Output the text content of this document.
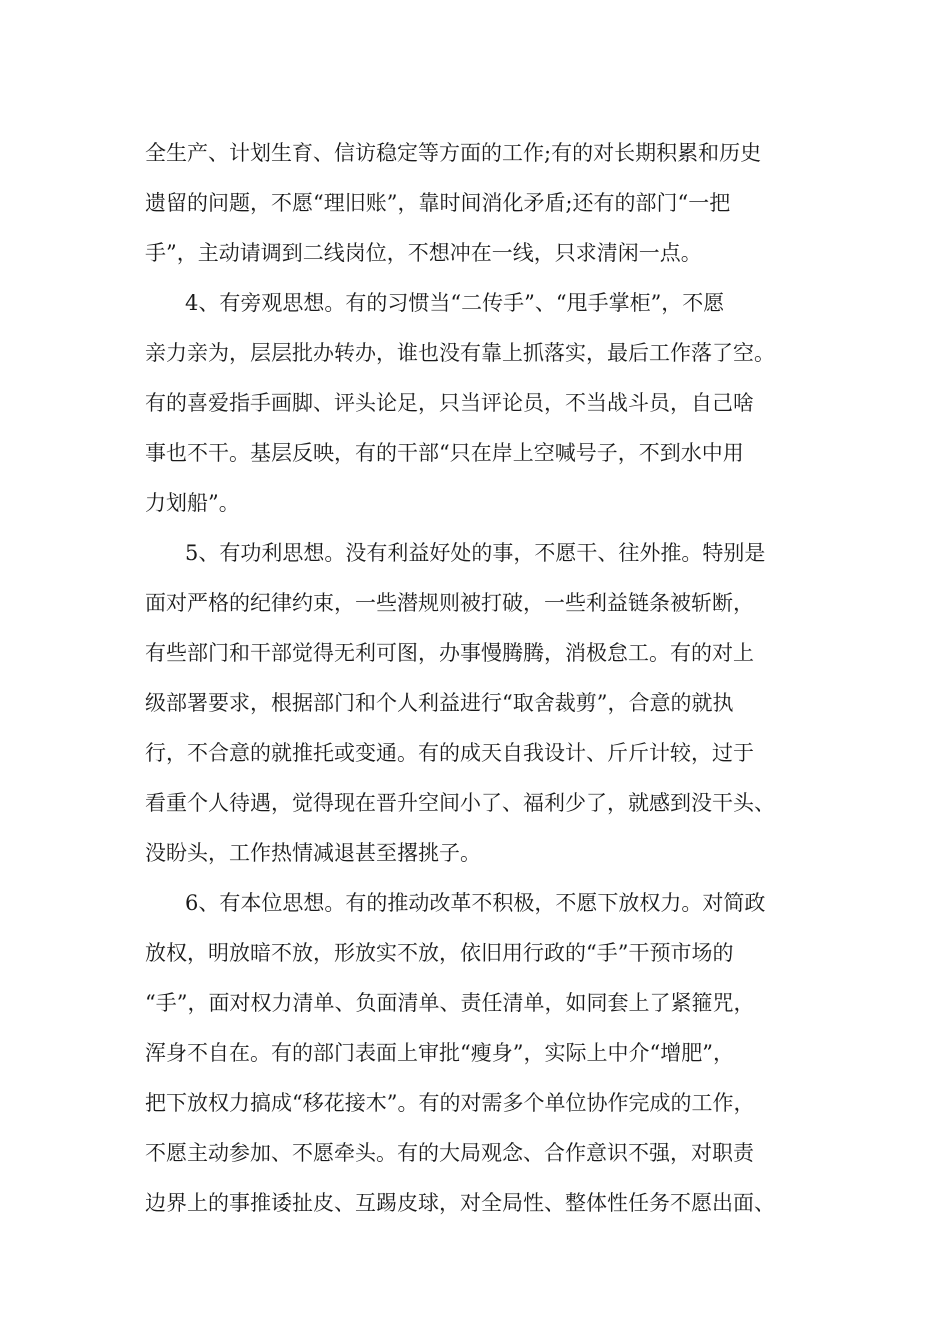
全生产、计划生育、信访稳定等方面的工作;有的对长期积累和历史
遗留的问题，不愿“理旧账”，靠时间消化矛盾;还有的部门“一把
手”，主动请调到二线岗位，不想冲在一线，只求清闲一点。
4、有旁观思想。有的习惯当“二传手”、“甩手掌柜”，不愿
亲力亲为，层层批办转办，谁也没有靠上抓落实，最后工作落了空。
有的喜爱指手画脚、评头论足，只当评论员，不当战斗员，自己啥
事也不干。基层反映，有的干部“只在岸上空喊号子，不到水中用
力划船”。
5、有功利思想。没有利益好处的事，不愿干、往外推。特别是
面对严格的纪律约束，一些潜规则被打破，一些利益链条被斩断，
有些部门和干部觉得无利可图，办事慢腾腾，消极怠工。有的对上
级部署要求，根据部门和个人利益进行“取舍裁剪”，合意的就执
行，不合意的就推托或变通。有的成天自我设计、斤斤计较，过于
看重个人待遇，觉得现在晋升空间小了、福利少了，就感到没干头、
没盼头，工作热情减退甚至撂挑子。
6、有本位思想。有的推动改革不积极，不愿下放权力。对简政
放权，明放暗不放，形放实不放，依旧用行政的“手”干预市场的
“手”，面对权力清单、负面清单、责任清单，如同套上了紧箍咒，
浑身不自在。有的部门表面上审批“瘦身”，实际上中介“增肥”，
把下放权力搞成“移花接木”。有的对需多个单位协作完成的工作，
不愿主动参加、不愿牵头。有的大局观念、合作意识不强，对职责
边界上的事推诿扯皮、互踢皮球，对全局性、整体性任务不愿出面、
